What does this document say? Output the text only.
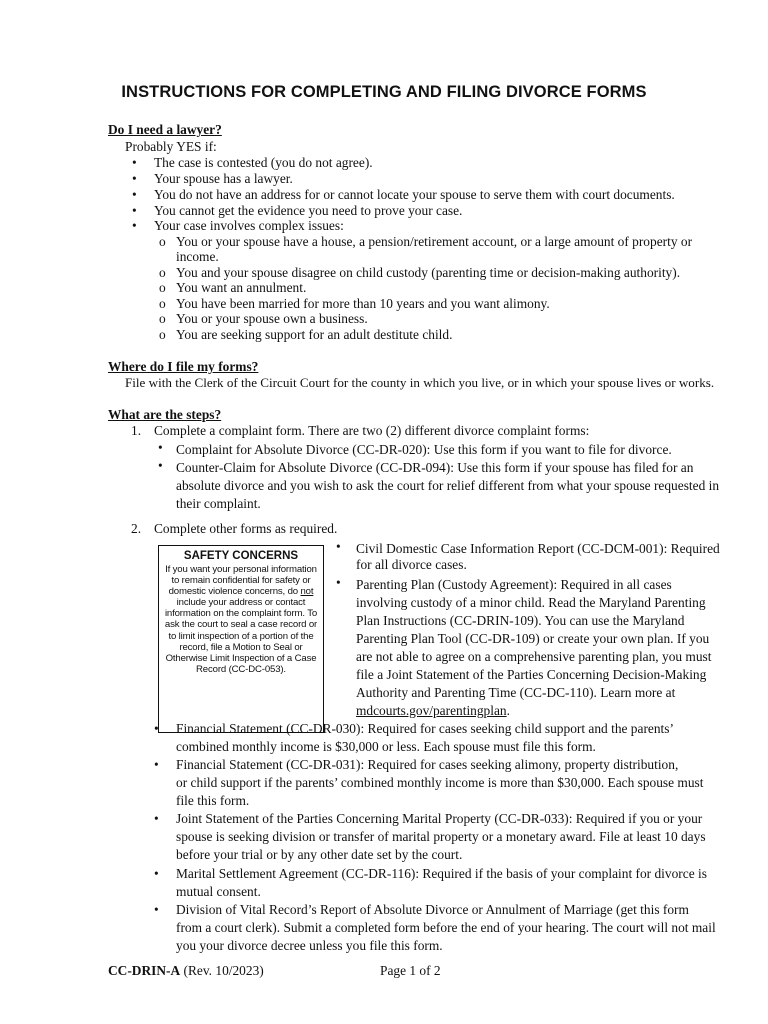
INSTRUCTIONS FOR COMPLETING AND FILING DIVORCE FORMS
Do I need a lawyer?
Probably YES if:
• The case is contested (you do not agree).
• Your spouse has a lawyer.
• You do not have an address for or cannot locate your spouse to serve them with court documents.
• You cannot get the evidence you need to prove your case.
• Your case involves complex issues:
o You or your spouse have a house, a pension/retirement account, or a large amount of property or
income.
o You and your spouse disagree on child custody (parenting time or decision-making authority).
o You want an annulment.
o You have been married for more than 10 years and you want alimony.
o You or your spouse own a business.
o You are seeking support for an adult destitute child.
Where do I file my forms?
File with the Clerk of the Circuit Court for the county in which you live, or in which your spouse lives or works.
What are the steps?
1. Complete a complaint form. There are two (2) different divorce complaint forms:
• Complaint for Absolute Divorce (CC-DR-020): Use this form if you want to file for divorce.
• Counter-Claim for Absolute Divorce (CC-DR-094): Use this form if your spouse has filed for an
absolute divorce and you wish to ask the court for relief different from what your spouse requested in
their complaint.
2. Complete other forms as required.
SAFETY CONCERNS
If you want your personal information to remain confidential for safety or domestic violence concerns, do not include your address or contact information on the complaint form. To ask the court to seal a case record or to limit inspection of a portion of the record, file a Motion to Seal or Otherwise Limit Inspection of a Case Record (CC-DC-053).
• Civil Domestic Case Information Report (CC-DCM-001): Required
for all divorce cases.
• Parenting Plan (Custody Agreement): Required in all cases
involving custody of a minor child. Read the Maryland Parenting
Plan Instructions (CC-DRIN-109). You can use the Maryland
Parenting Plan Tool (CC-DR-109) or create your own plan. If you
are not able to agree on a comprehensive parenting plan, you must
file a Joint Statement of the Parties Concerning Decision-Making
Authority and Parenting Time (CC-DC-110). Learn more at
mdcourts.gov/parentingplan.
• Financial Statement (CC-DR-030): Required for cases seeking child support and the parents’
combined monthly income is $30,000 or less. Each spouse must file this form.
• Financial Statement (CC-DR-031): Required for cases seeking alimony, property distribution,
or child support if the parents’ combined monthly income is more than $30,000. Each spouse must
file this form.
• Joint Statement of the Parties Concerning Marital Property (CC-DR-033): Required if you or your
spouse is seeking division or transfer of marital property or a monetary award. File at least 10 days
before your trial or by any other date set by the court.
• Marital Settlement Agreement (CC-DR-116): Required if the basis of your complaint for divorce is
mutual consent.
• Division of Vital Record’s Report of Absolute Divorce or Annulment of Marriage (get this form
from a court clerk). Submit a completed form before the end of your hearing. The court will not mail
you your divorce decree unless you file this form.
CC-DRIN-A (Rev. 10/2023)	Page 1 of 2
